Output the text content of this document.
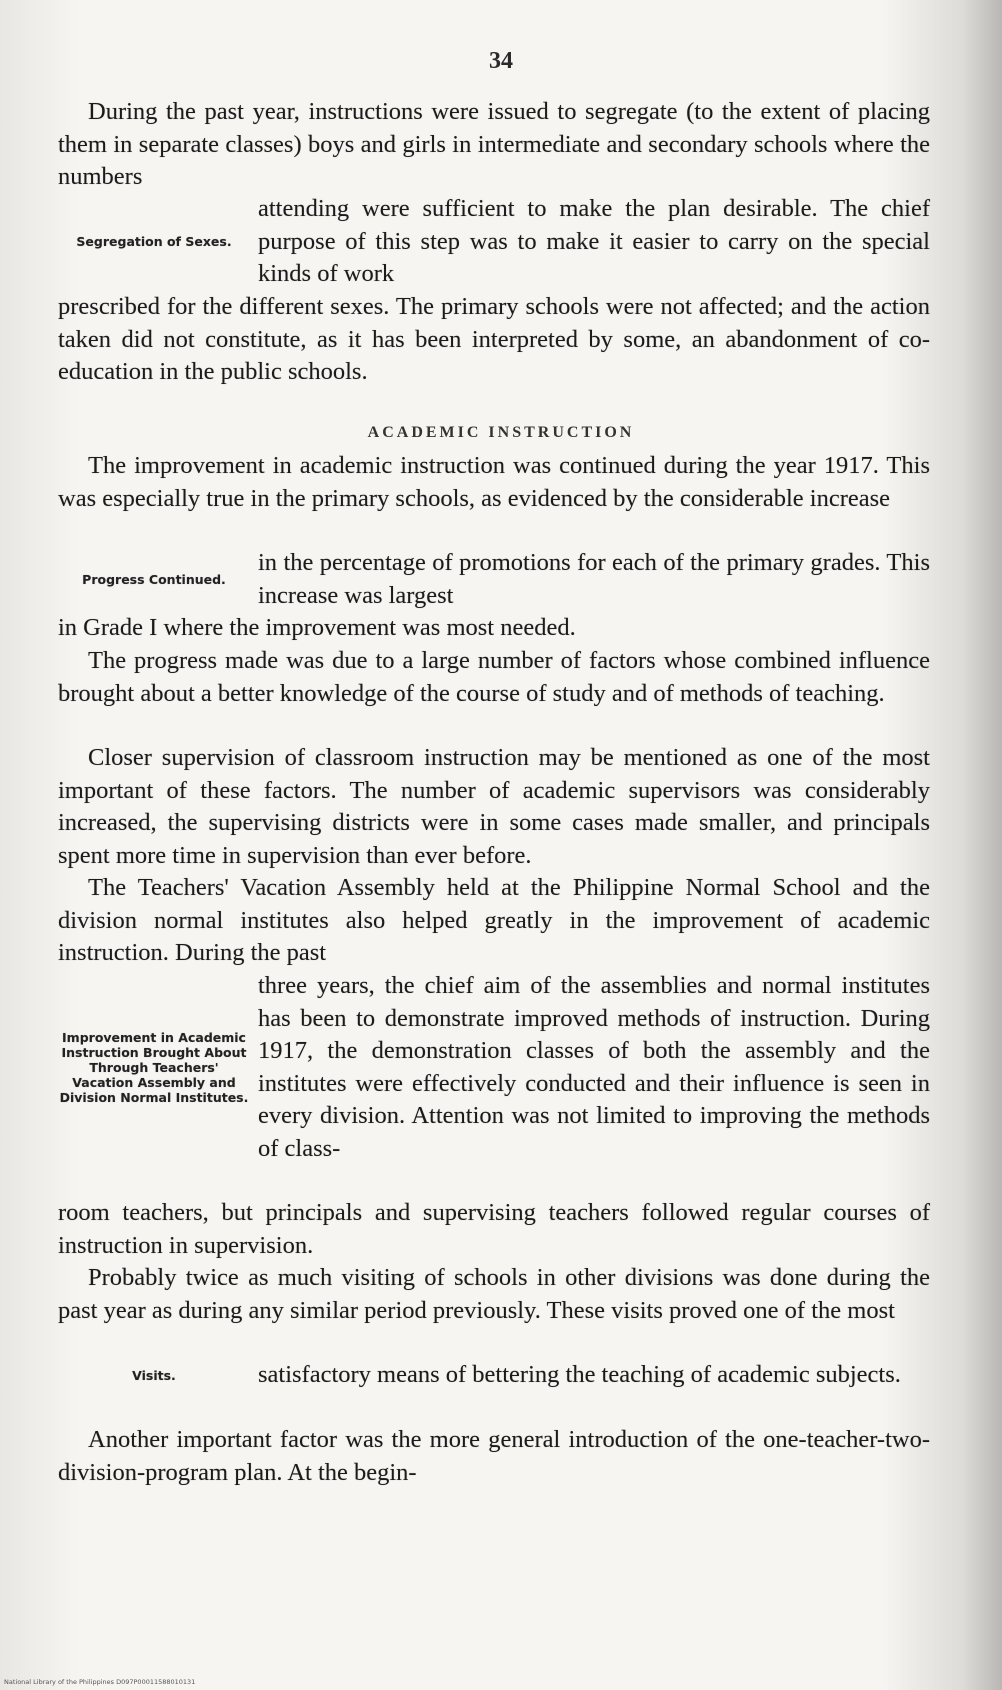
34

During the past year, instructions were issued to segregate (to the extent of placing them in separate classes) boys and girls in intermediate and secondary schools where the numbers

Segregation of Sexes.
attending were sufficient to make the plan desirable. The chief purpose of this step was to make it easier to carry on the special kinds of work

prescribed for the different sexes. The primary schools were not affected; and the action taken did not constitute, as it has been interpreted by some, an abandonment of co-education in the public schools.

ACADEMIC INSTRUCTION

The improvement in academic instruction was continued during the year 1917. This was especially true in the primary schools, as evidenced by the considerable increase

Progress Continued.
in the percentage of promotions for each of the primary grades. This increase was largest

in Grade I where the improvement was most needed.

The progress made was due to a large number of factors whose combined influence brought about a better knowledge of the course of study and of methods of teaching.

Closer supervision of classroom instruction may be mentioned as one of the most important of these factors. The number of academic supervisors was considerably increased, the supervising districts were in some cases made smaller, and principals spent more time in supervision than ever before.

The Teachers' Vacation Assembly held at the Philippine Normal School and the division normal institutes also helped greatly in the improvement of academic instruction. During the past

Improvement in Academic Instruction Brought About Through Teachers' Vacation Assembly and Division Normal Institutes.
three years, the chief aim of the assemblies and normal institutes has been to demonstrate improved methods of instruction. During 1917, the demonstration classes of both the assembly and the institutes were effectively conducted and their influence is seen in every division. Attention was not limited to improving the methods of class-

room teachers, but principals and supervising teachers followed regular courses of instruction in supervision.

Probably twice as much visiting of schools in other divisions was done during the past year as during any similar period previously. These visits proved one of the most

Visits.	satisfactory means of bettering the teaching of academic subjects.

Another important factor was the more general introduction of the one-teacher-two-division-program plan. At the begin-

National Library of the Philippines D097P00011588010131
